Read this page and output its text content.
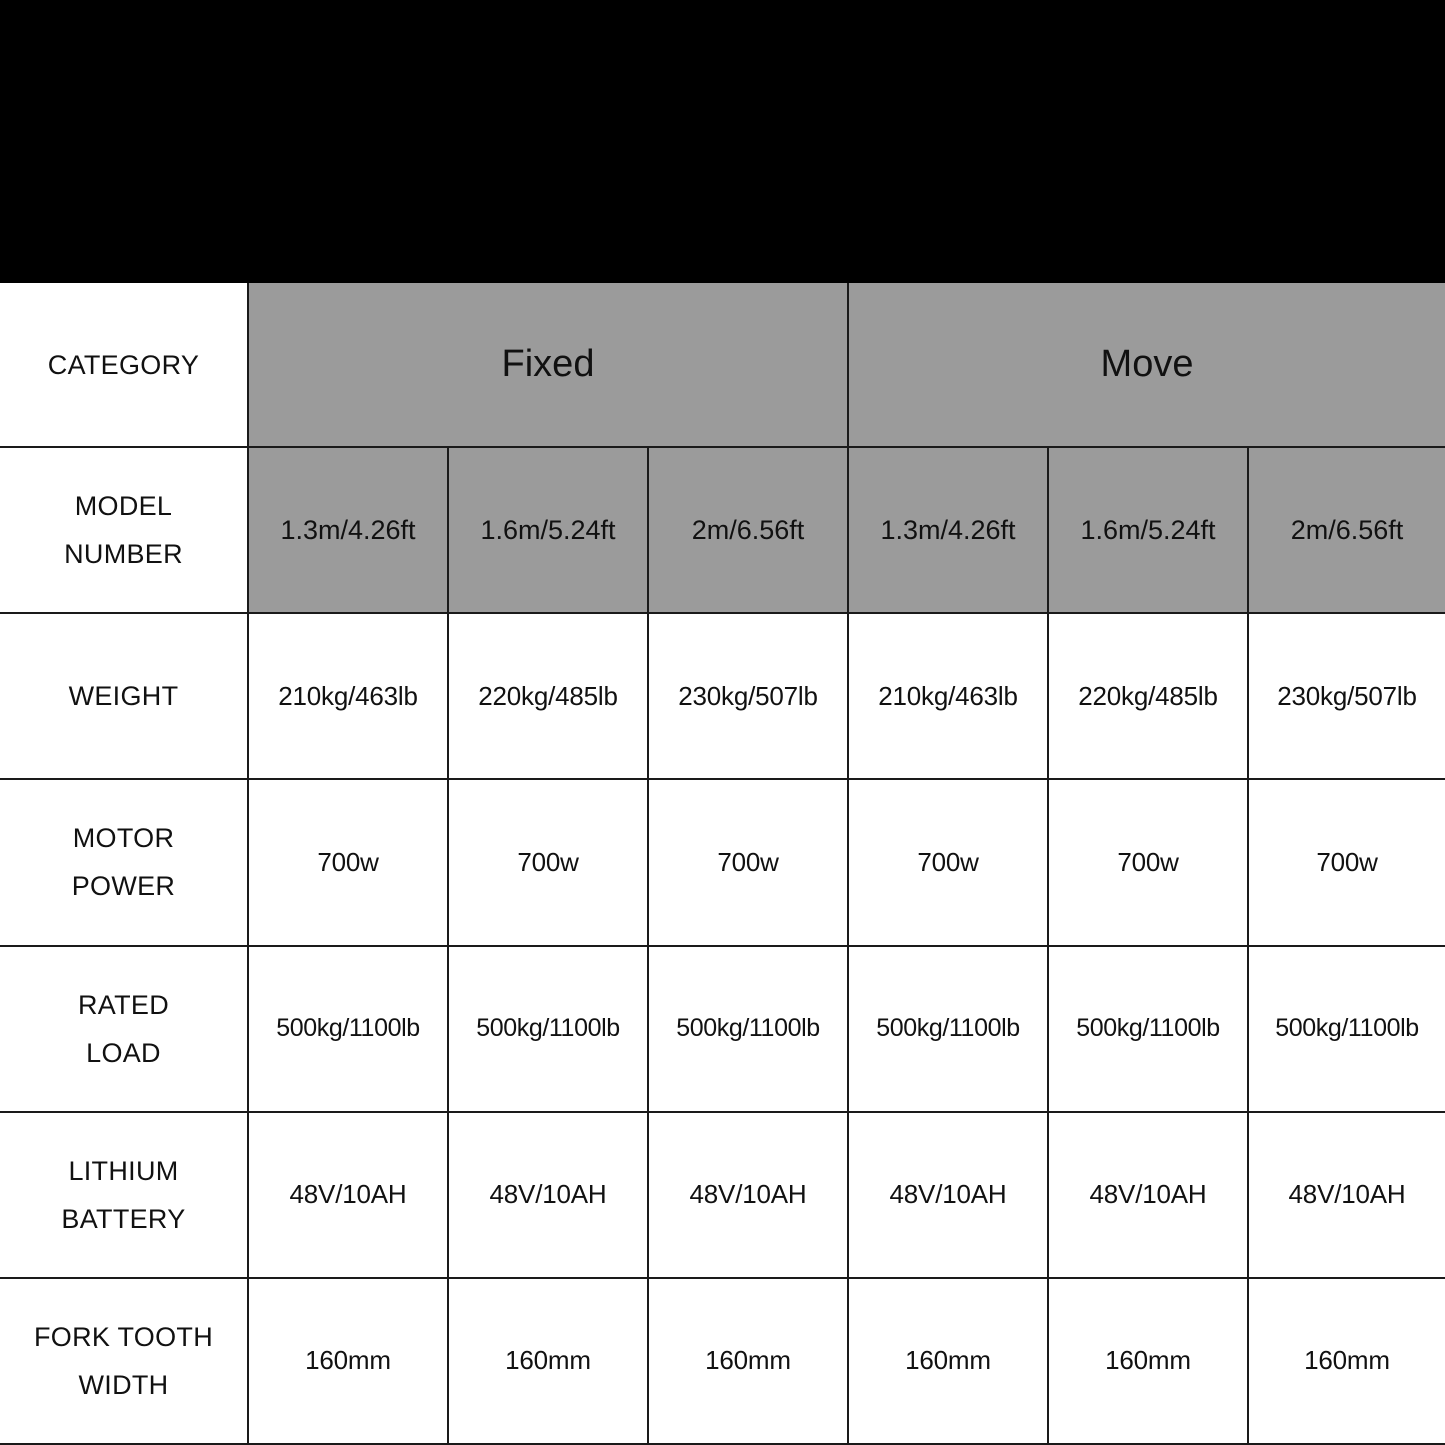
CATEGORY	Fixed			Move		

MODEL
NUMBER	1.3m/4.26ft	1.6m/5.24ft	2m/6.56ft	1.3m/4.26ft	1.6m/5.24ft	2m/6.56ft

WEIGHT	210kg/463lb	220kg/485lb	230kg/507lb	210kg/463lb	220kg/485lb	230kg/507lb

MOTOR
POWER	700w	700w	700w	700w	700w	700w

RATED
LOAD	500kg/1100lb	500kg/1100lb	500kg/1100lb	500kg/1100lb	500kg/1100lb	500kg/1100lb

LITHIUM
BATTERY	48V/10AH	48V/10AH	48V/10AH	48V/10AH	48V/10AH	48V/10AH

FORK TOOTH
WIDTH	160mm	160mm	160mm	160mm	160mm	160mm
